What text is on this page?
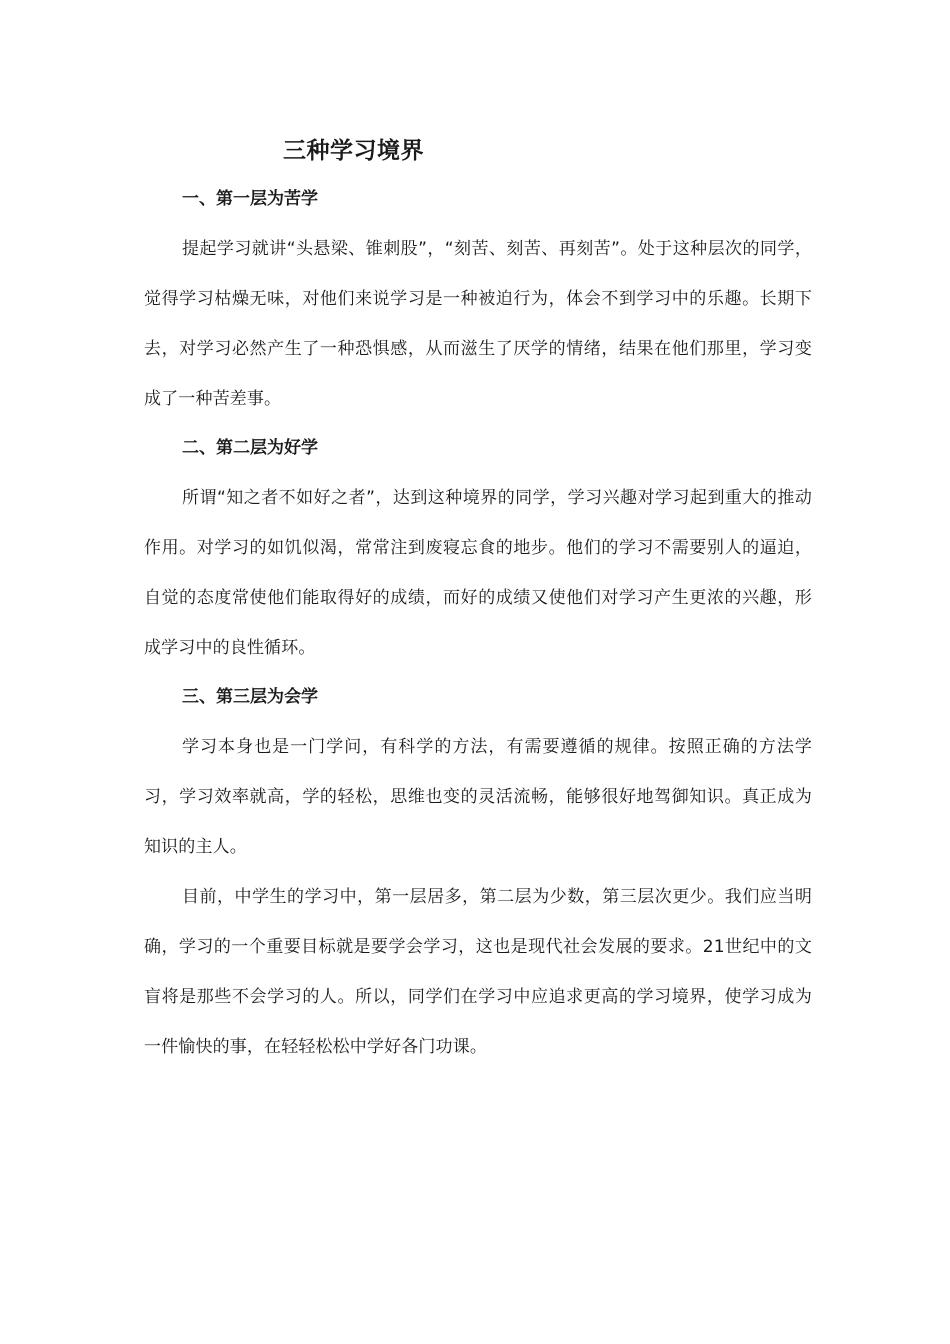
三种学习境界
一、第一层为苦学

提起学习就讲“头悬梁、锥刺股”，“刻苦、刻苦、再刻苦”。处于这种层次的同学，觉得学习枯燥无味，对他们来说学习是一种被迫行为，体会不到学习中的乐趣。长期下去，对学习必然产生了一种恐惧感，从而滋生了厌学的情绪，结果在他们那里，学习变成了一种苦差事。

二、第二层为好学

所谓“知之者不如好之者”，达到这种境界的同学，学习兴趣对学习起到重大的推动作用。对学习的如饥似渴，常常注到废寝忘食的地步。他们的学习不需要别人的逼迫，自觉的态度常使他们能取得好的成绩，而好的成绩又使他们对学习产生更浓的兴趣，形成学习中的良性循环。

三、第三层为会学

学习本身也是一门学问，有科学的方法，有需要遵循的规律。按照正确的方法学习，学习效率就高，学的轻松，思维也变的灵活流畅，能够很好地驾御知识。真正成为知识的主人。

目前，中学生的学习中，第一层居多，第二层为少数，第三层次更少。我们应当明确，学习的一个重要目标就是要学会学习，这也是现代社会发展的要求。21世纪中的文盲将是那些不会学习的人。所以，同学们在学习中应追求更高的学习境界，使学习成为一件愉快的事，在轻轻松松中学好各门功课。
